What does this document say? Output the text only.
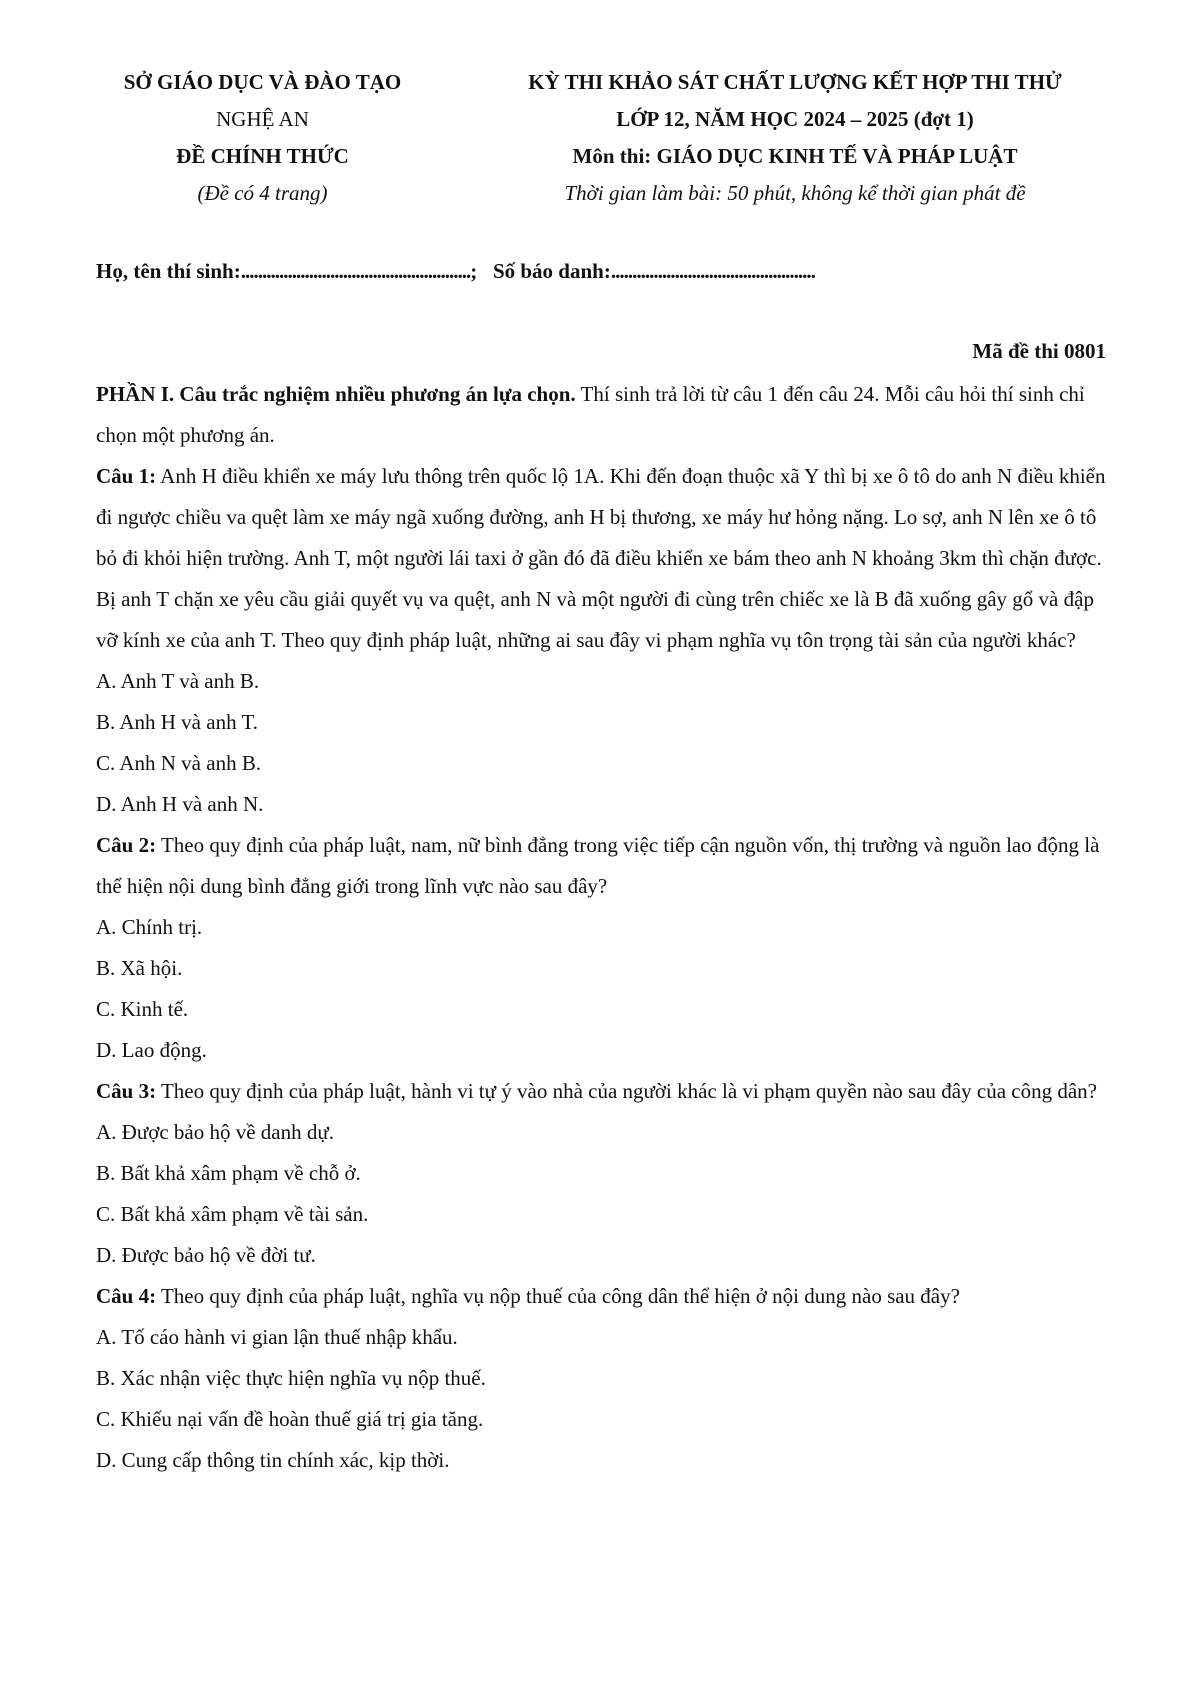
SỞ GIÁO DỤC VÀ ĐÀO TẠO
NGHỆ AN
ĐỀ CHÍNH THỨC
(Đề có 4 trang)
KỲ THI KHẢO SÁT CHẤT LƯỢNG KẾT HỢP THI THỬ
LỚP 12, NĂM HỌC 2024 – 2025 (đợt 1)
Môn thi: GIÁO DỤC KINH TẾ VÀ PHÁP LUẬT
Thời gian làm bài: 50 phút, không kể thời gian phát đề
Họ, tên thí sinh:......................................................; Số báo danh:................................................
Mã đề thi 0801

PHẦN I. Câu trắc nghiệm nhiều phương án lựa chọn. Thí sinh trả lời từ câu 1 đến câu 24. Mỗi câu hỏi thí sinh chỉ chọn một phương án.

Câu 1: Anh H điều khiển xe máy lưu thông trên quốc lộ 1A. Khi đến đoạn thuộc xã Y thì bị xe ô tô do anh N điều khiển đi ngược chiều va quệt làm xe máy ngã xuống đường, anh H bị thương, xe máy hư hỏng nặng. Lo sợ, anh N lên xe ô tô bỏ đi khỏi hiện trường. Anh T, một người lái taxi ở gần đó đã điều khiển xe bám theo anh N khoảng 3km thì chặn được. Bị anh T chặn xe yêu cầu giải quyết vụ va quệt, anh N và một người đi cùng trên chiếc xe là B đã xuống gây gổ và đập vỡ kính xe của anh T. Theo quy định pháp luật, những ai sau đây vi phạm nghĩa vụ tôn trọng tài sản của người khác?

A. Anh T và anh B.

B. Anh H và anh T.

C. Anh N và anh B.

D. Anh H và anh N.

Câu 2: Theo quy định của pháp luật, nam, nữ bình đẳng trong việc tiếp cận nguồn vốn, thị trường và nguồn lao động là thể hiện nội dung bình đẳng giới trong lĩnh vực nào sau đây?

A. Chính trị.

B. Xã hội.

C. Kinh tế.

D. Lao động.

Câu 3: Theo quy định của pháp luật, hành vi tự ý vào nhà của người khác là vi phạm quyền nào sau đây của công dân?

A. Được bảo hộ về danh dự.

B. Bất khả xâm phạm về chỗ ở.

C. Bất khả xâm phạm về tài sản.

D. Được bảo hộ về đời tư.

Câu 4: Theo quy định của pháp luật, nghĩa vụ nộp thuế của công dân thể hiện ở nội dung nào sau đây?

A. Tố cáo hành vi gian lận thuế nhập khẩu.

B. Xác nhận việc thực hiện nghĩa vụ nộp thuế.

C. Khiếu nại vấn đề hoàn thuế giá trị gia tăng.

D. Cung cấp thông tin chính xác, kịp thời.
